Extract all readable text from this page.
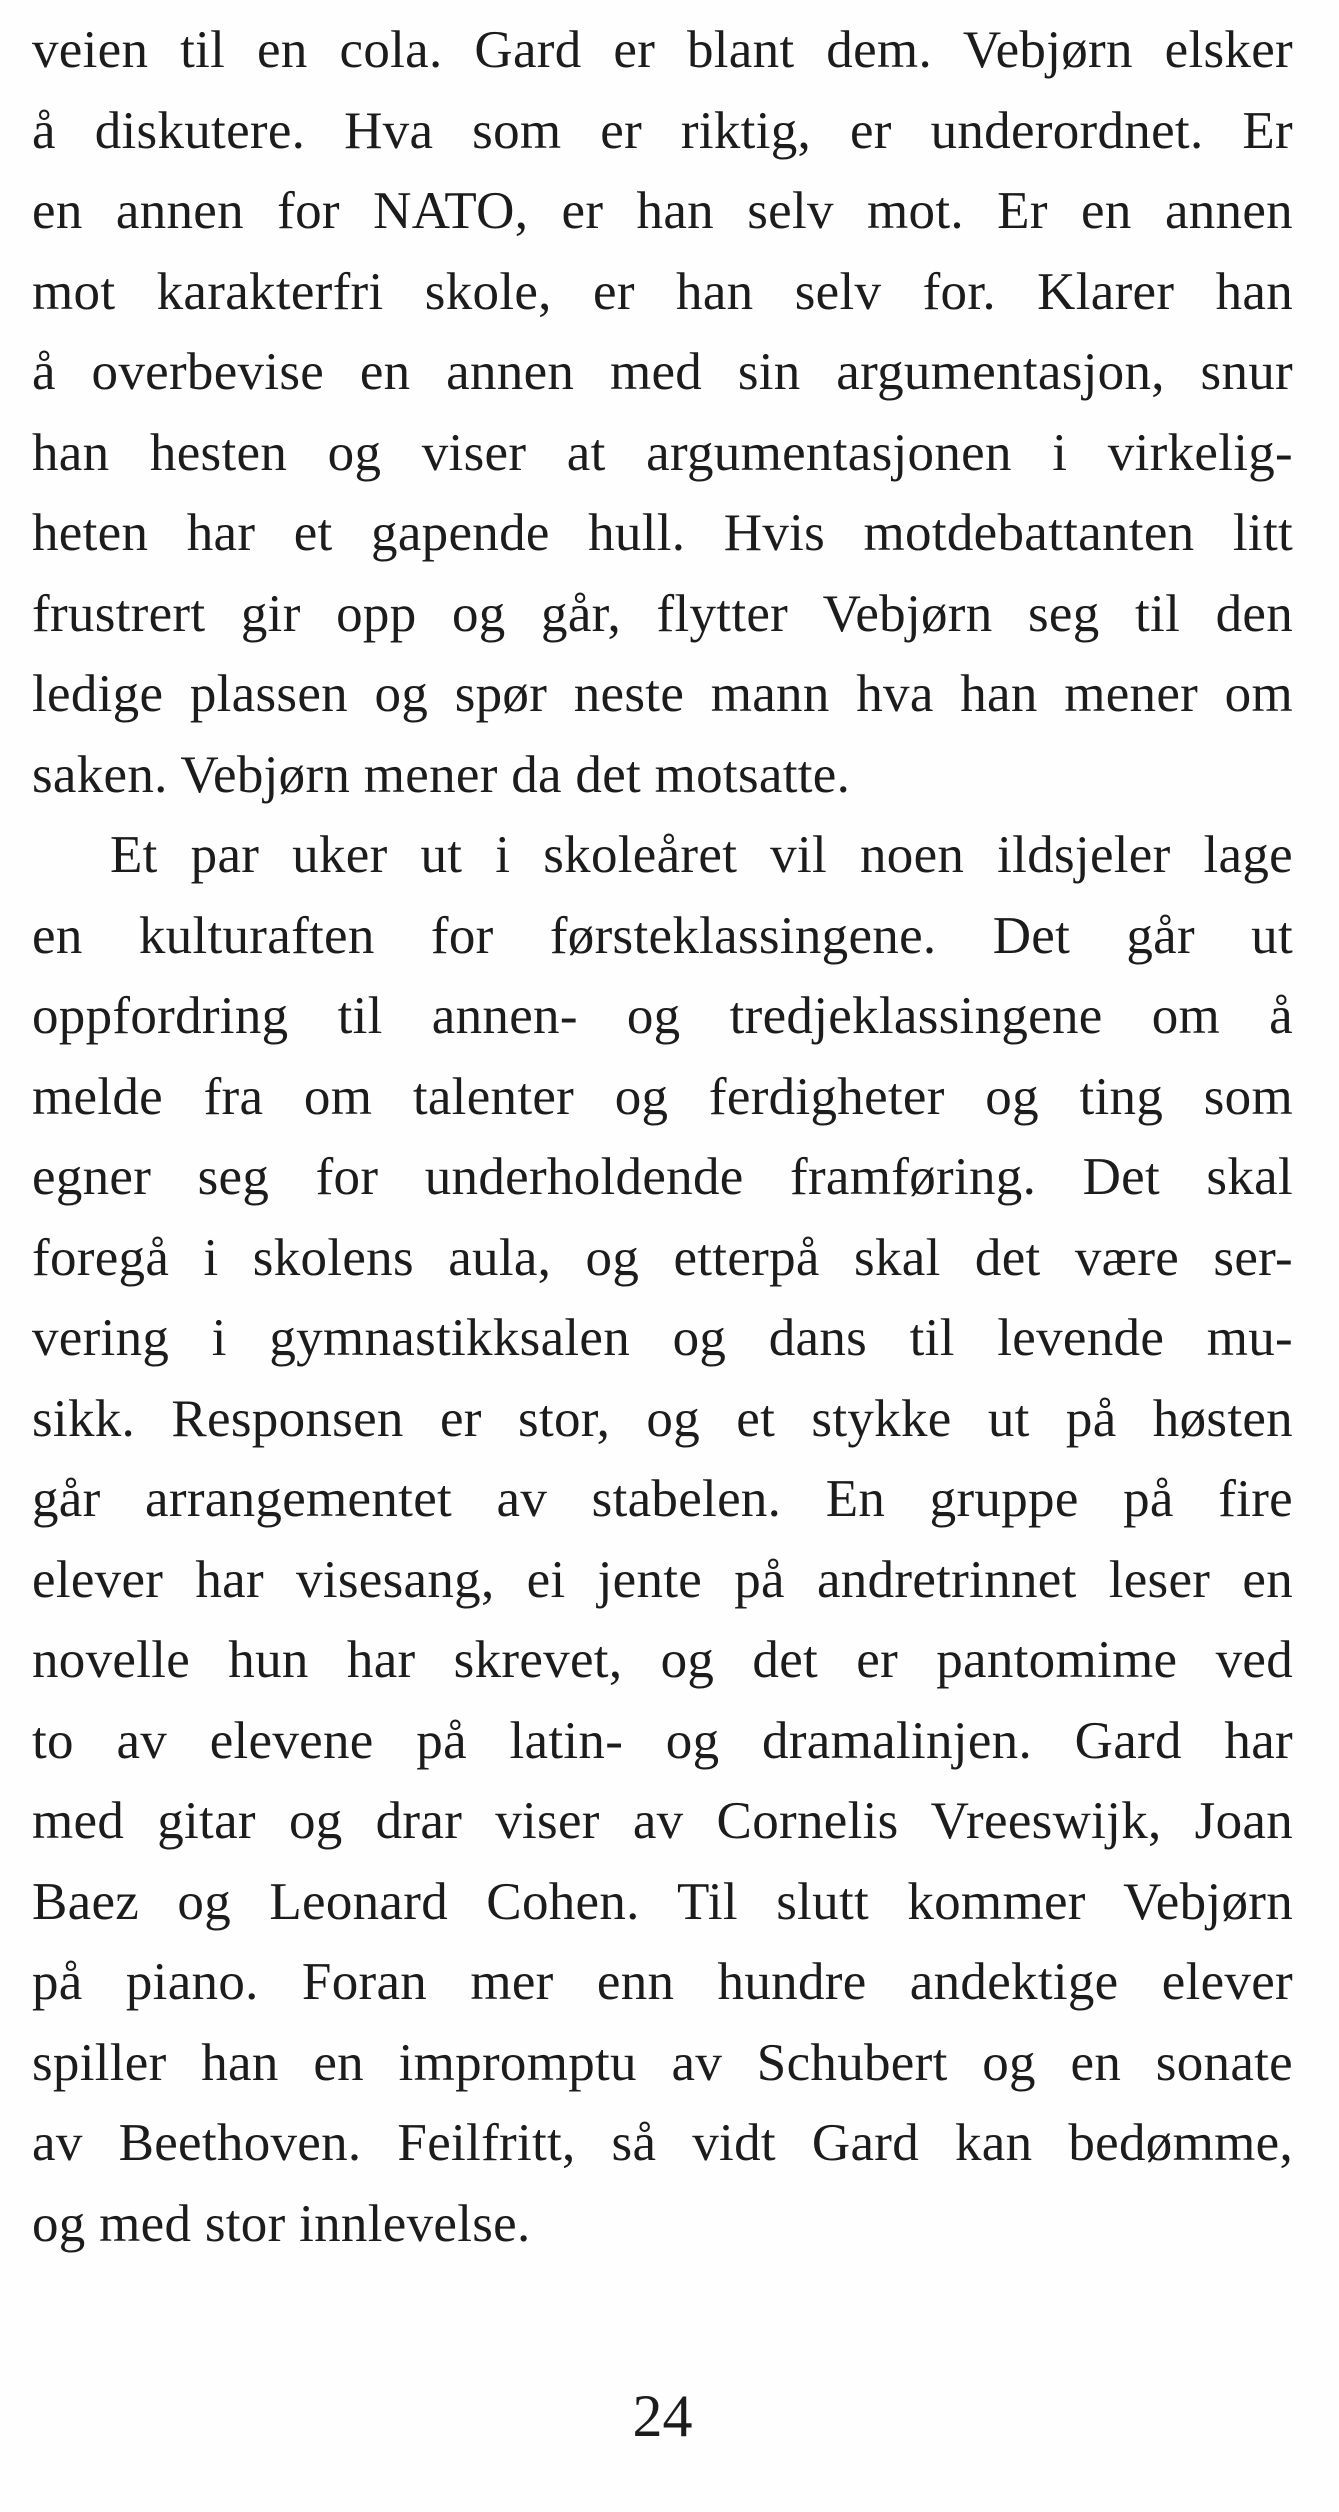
veien til en cola. Gard er blant dem. Vebjørn elsker
å diskutere. Hva som er riktig, er underordnet. Er
en annen for NATO, er han selv mot. Er en annen
mot karakterfri skole, er han selv for. Klarer han
å overbevise en annen med sin argumentasjon, snur
han hesten og viser at argumentasjonen i virkelig-
heten har et gapende hull. Hvis motdebattanten litt
frustrert gir opp og går, flytter Vebjørn seg til den
ledige plassen og spør neste mann hva han mener om
saken. Vebjørn mener da det motsatte.
Et par uker ut i skoleåret vil noen ildsjeler lage
en kulturaften for førsteklassingene. Det går ut
oppfordring til annen- og tredjeklassingene om å
melde fra om talenter og ferdigheter og ting som
egner seg for underholdende framføring. Det skal
foregå i skolens aula, og etterpå skal det være ser-
vering i gymnastikksalen og dans til levende mu-
sikk. Responsen er stor, og et stykke ut på høsten
går arrangementet av stabelen. En gruppe på fire
elever har visesang, ei jente på andretrinnet leser en
novelle hun har skrevet, og det er pantomime ved
to av elevene på latin- og dramalinjen. Gard har
med gitar og drar viser av Cornelis Vreeswijk, Joan
Baez og Leonard Cohen. Til slutt kommer Vebjørn
på piano. Foran mer enn hundre andektige elever
spiller han en impromptu av Schubert og en sonate
av Beethoven. Feilfritt, så vidt Gard kan bedømme,
og med stor innlevelse.
24
